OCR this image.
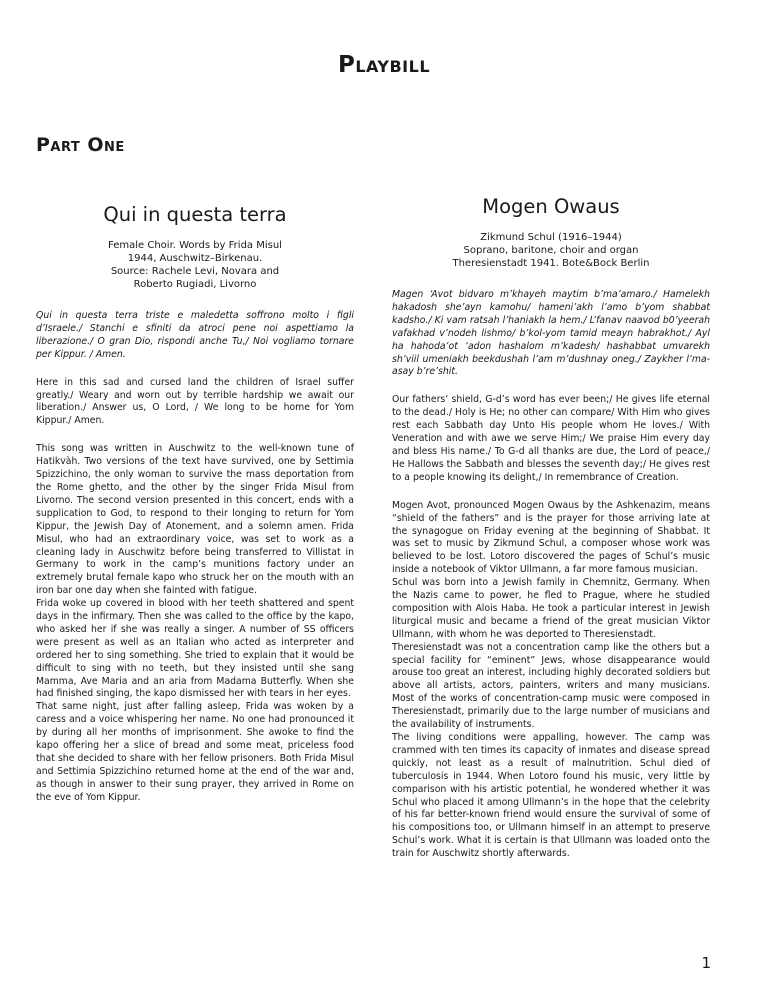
Playbill
Part One
Qui in questa terra
Female Choir. Words by Frida Misul
1944, Auschwitz–Birkenau.
Source: Rachele Levi, Novara and
Roberto Rugiadi, Livorno

Qui in questa terra triste e maledetta soffrono molto i figli d’Israele./ Stanchi e sfiniti da atroci pene noi aspettiamo la liberazione./ O gran Dio, rispondi anche Tu,/ Noi vogliamo tornare per Kippur. / Amen.

Here in this sad and cursed land the children of Israel suffer greatly./ Weary and worn out by terrible hardship we await our liberation./ Answer us, O Lord, / We long to be home for Yom Kippur./ Amen.

This song was written in Auschwitz to the well-known tune of Hatikvàh. Two versions of the text have survived, one by Settimia Spizzichino, the only woman to survive the mass deportation from the Rome ghetto, and the other by the singer Frida Misul from Livorno. The second version presented in this concert, ends with a supplication to God, to respond to their longing to return for Yom Kippur, the Jewish Day of Atonement, and a solemn amen. Frida Misul, who had an extraordinary voice, was set to work as a cleaning lady in Auschwitz before being transferred to Villistat in Germany to work in the camp’s munitions factory under an extremely brutal female kapo who struck her on the mouth with an iron bar one day when she fainted with fatigue.

Frida woke up covered in blood with her teeth shattered and spent days in the infirmary. Then she was called to the office by the kapo, who asked her if she was really a singer. A number of SS officers were present as well as an Italian who acted as interpreter and ordered her to sing something. She tried to explain that it would be difficult to sing with no teeth, but they insisted until she sang Mamma, Ave Maria and an aria from Madama Butterfly. When she had finished singing, the kapo dismissed her with tears in her eyes.

That same night, just after falling asleep, Frida was woken by a caress and a voice whispering her name. No one had pronounced it by during all her months of imprisonment. She awoke to find the kapo offering her a slice of bread and some meat, priceless food that she decided to share with her fellow prisoners. Both Frida Misul and Settimia Spizzichino returned home at the end of the war and, as though in answer to their sung prayer, they arrived in Rome on the eve of Yom Kippur.

Mogen Owaus
Zikmund Schul (1916–1944)
Soprano, baritone, choir and organ
Theresienstadt 1941. Bote&Bock Berlin

Magen ‘Avot bidvaro m’khayeh maytim b’ma’amaro./ Hamelekh hakadosh she’ayn kamohu/ hameni’akh l’amo b’yom shabbat kadsho./ Ki vam ratsah l’haniakh la hem./ L’fanav naavod b0’yeerah vafakhad v’nodeh lishmo/ b’kol-yom tamid meayn habrakhot./ Ayl ha hahoda’ot ‘adon hashalom m’kadesh/ hashabbat umvarekh sh’viil umeniakh beekdushah l’am m’dushnay oneg./ Zaykher l’ma-asay b’re’shit.

Our fathers’ shield, G-d’s word has ever been;/ He gives life eternal to the dead./ Holy is He; no other can compare/ With Him who gives rest each Sabbath day Unto His people whom He loves./ With Veneration and with awe we serve Him;/ We praise Him every day and bless His name./ To G-d all thanks are due, the Lord of peace,/ He Hallows the Sabbath and blesses the seventh day;/ He gives rest to a people knowing its delight,/ In remembrance of Creation.

Mogen Avot, pronounced Mogen Owaus by the Ashkenazim, means “shield of the fathers” and is the prayer for those arriving late at the synagogue on Friday evening at the beginning of Shabbat. It was set to music by Zikmund Schul, a composer whose work was believed to be lost. Lotoro discovered the pages of Schul’s music inside a notebook of Viktor Ullmann, a far more famous musician.

Schul was born into a Jewish family in Chemnitz, Germany. When the Nazis came to power, he fled to Prague, where he studied composition with Alois Haba. He took a particular interest in Jewish liturgical music and became a friend of the great musician Viktor Ullmann, with whom he was deported to Theresienstadt.

Theresienstadt was not a concentration camp like the others but a special facility for “eminent” Jews, whose disappearance would arouse too great an interest, including highly decorated soldiers but above all artists, actors, painters, writers and many musicians. Most of the works of concentration-camp music were composed in Theresienstadt, primarily due to the large number of musicians and the availability of instruments.

The living conditions were appalling, however. The camp was crammed with ten times its capacity of inmates and disease spread quickly, not least as a result of malnutrition. Schul died of tuberculosis in 1944. When Lotoro found his music, very little by comparison with his artistic potential, he wondered whether it was Schul who placed it among Ullmann’s in the hope that the celebrity of his far better-known friend would ensure the survival of some of his compositions too, or Ullmann himself in an attempt to preserve Schul’s work. What it is certain is that Ullmann was loaded onto the train for Auschwitz shortly afterwards.

1
